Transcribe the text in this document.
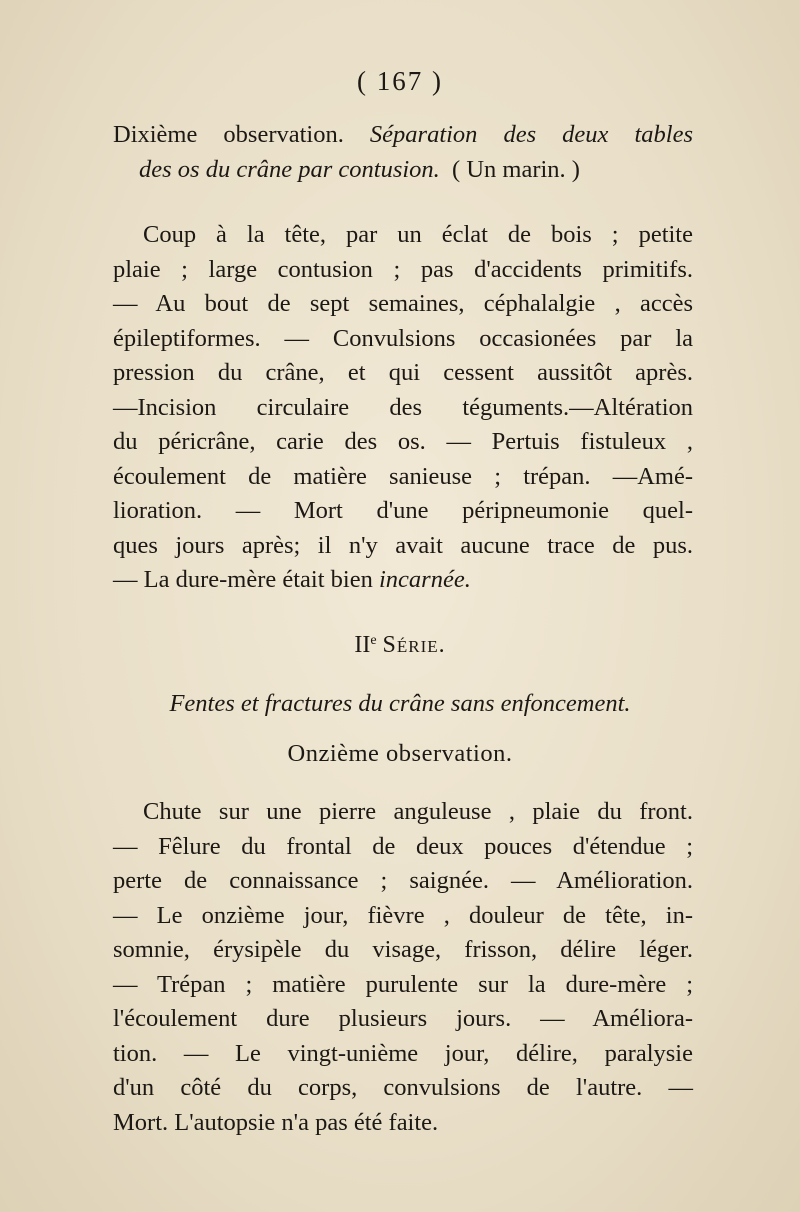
( 167 )
Dixième observation. Séparation des deux tables
des os du crâne par contusion. ( Un marin. )
Coup à la tête, par un éclat de bois ; petite
plaie ; large contusion ; pas d'accidents primitifs.
— Au bout de sept semaines, céphalalgie , accès
épileptiformes. — Convulsions occasionées par la
pression du crâne, et qui cessent aussitôt après.
—Incision circulaire des téguments.—Altération
du péricrâne, carie des os. — Pertuis fistuleux ,
écoulement de matière sanieuse ; trépan. —Amé-
lioration. — Mort d'une péripneumonie quel-
ques jours après; il n'y avait aucune trace de pus.
— La dure-mère était bien incarnée.
IIe Série.
Fentes et fractures du crâne sans enfoncement.
Onzième observation.
Chute sur une pierre anguleuse , plaie du front.
— Fêlure du frontal de deux pouces d'étendue ;
perte de connaissance ; saignée. — Amélioration.
— Le onzième jour, fièvre , douleur de tête, in-
somnie, érysipèle du visage, frisson, délire léger.
— Trépan ; matière purulente sur la dure-mère ;
l'écoulement dure plusieurs jours. — Améliora-
tion. — Le vingt-unième jour, délire, paralysie
d'un côté du corps, convulsions de l'autre. —
Mort. L'autopsie n'a pas été faite.
